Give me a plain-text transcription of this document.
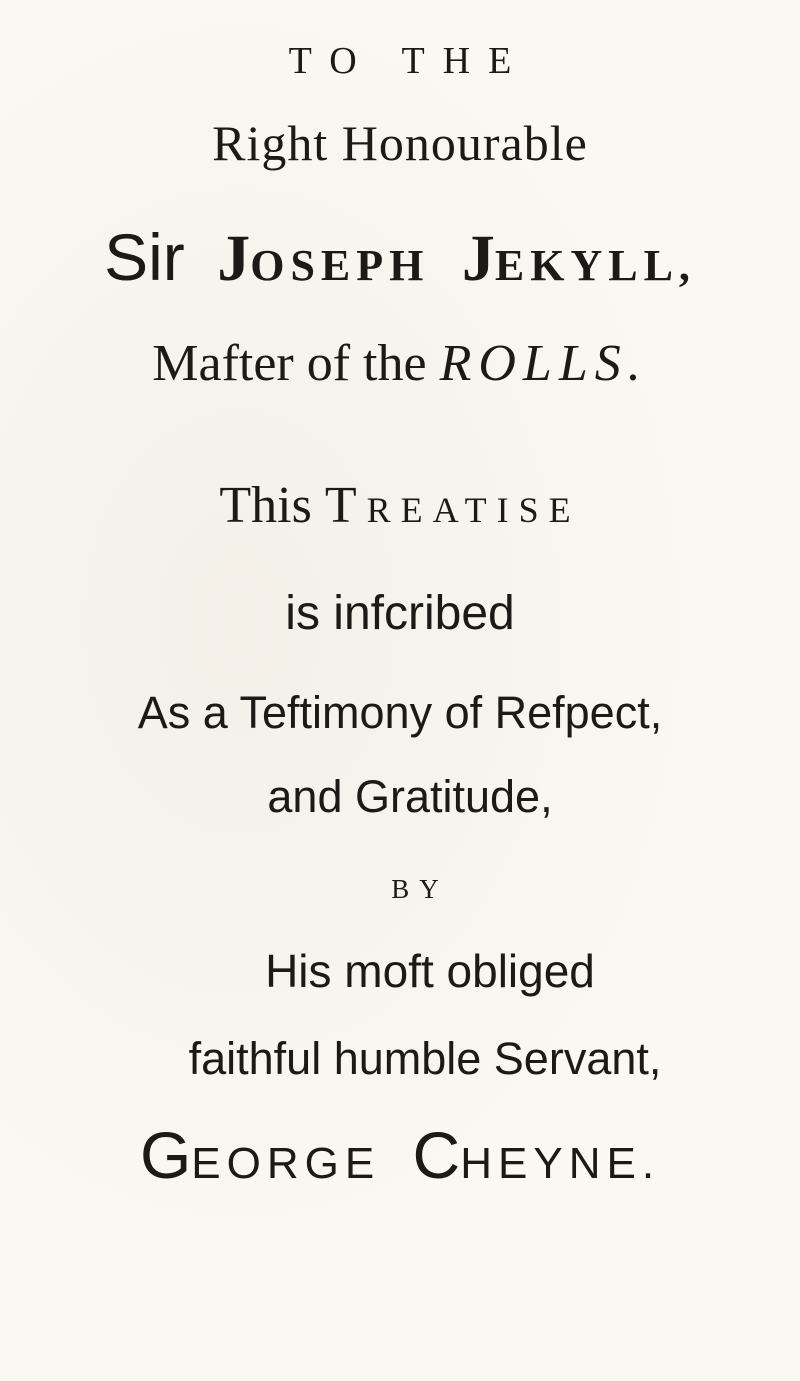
TO THE
Right Honourable
Sir JOSEPH JEKYLL,
Mafter of the ROLLS.
This TREATISE
is infcribed
As a Teftimony of Refpect,
and Gratitude,
BY
His moft obliged
faithful humble Servant,
GEORGE CHEYNE.
